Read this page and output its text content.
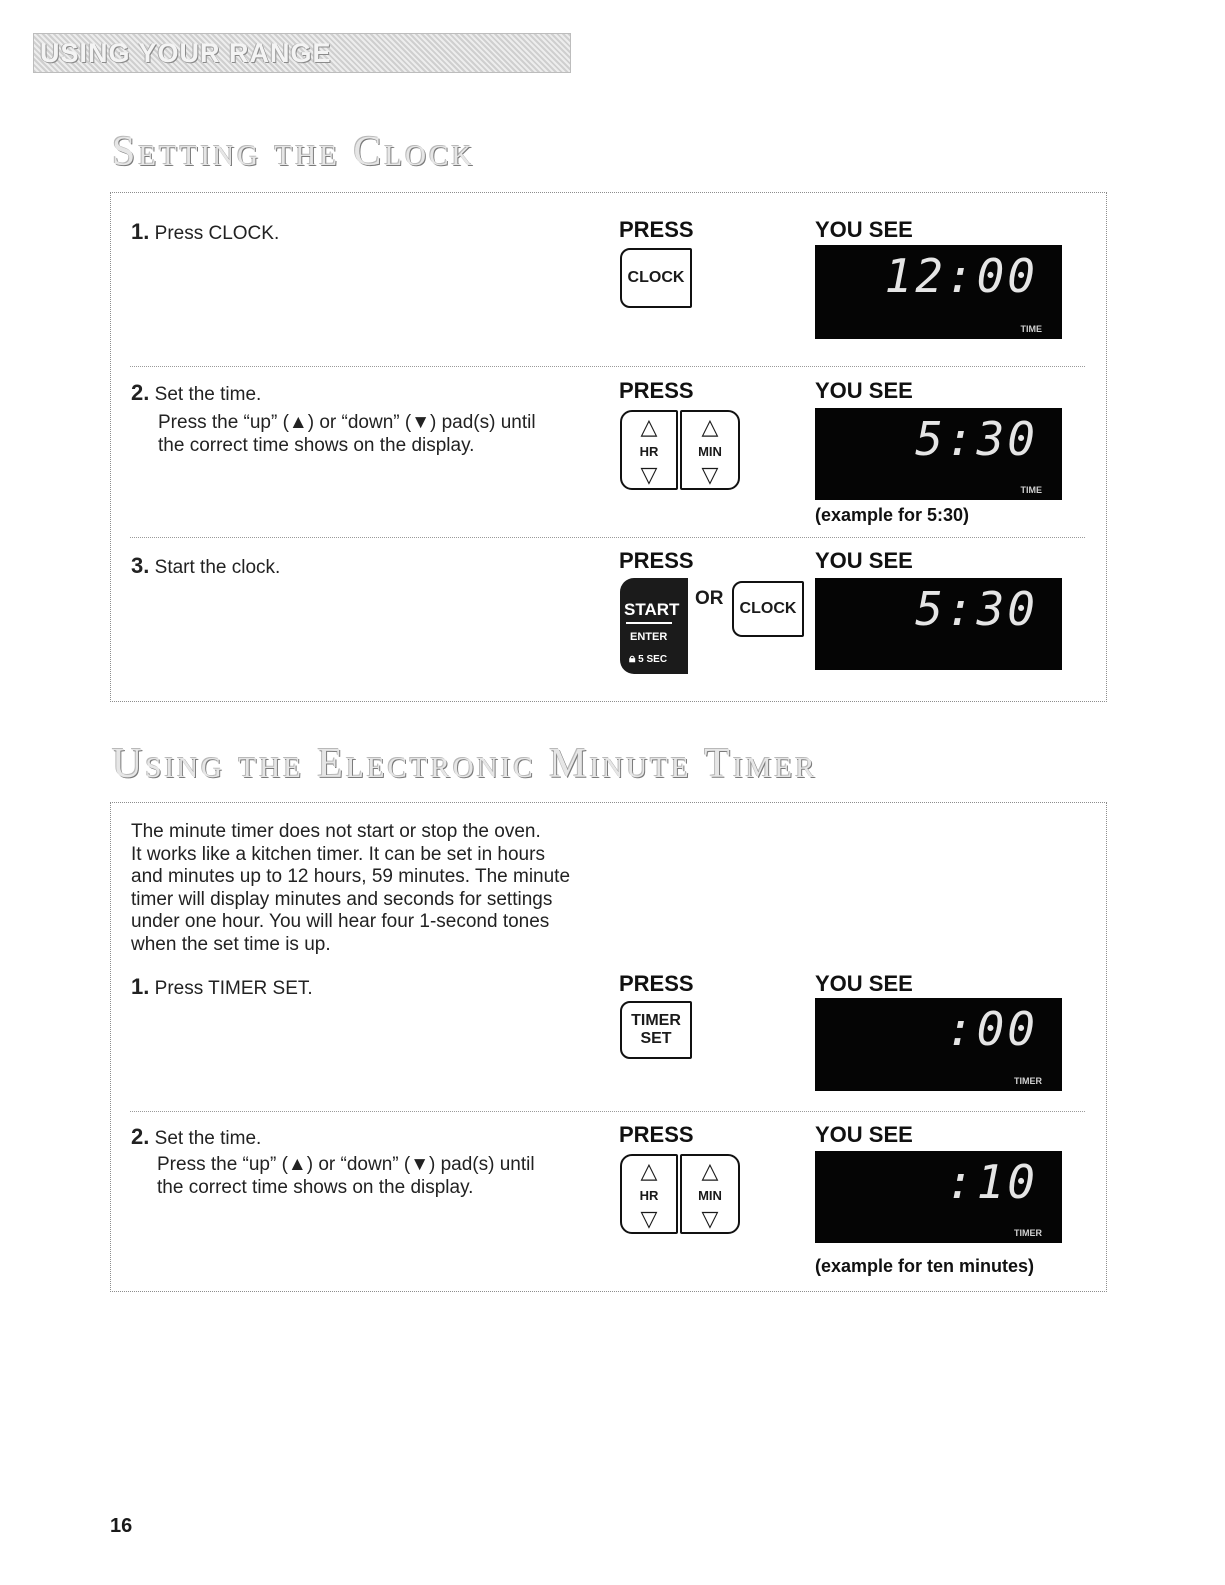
USING YOUR RANGE
Setting the Clock
1. Press CLOCK.	PRESS	YOU SEE
CLOCK	12:00
TIME
2. Set the time.
Press the “up” (▲) or “down” (▼) pad(s) until
the correct time shows on the display.
PRESS	YOU SEE
△
HR
▽
△
MIN
▽
5:30
TIME
(example for 5:30)
3. Start the clock.	PRESS	YOU SEE
START
ENTER
🔒︎ 5 SEC
OR	CLOCK	5:30
Using the Electronic Minute Timer
The minute timer does not start or stop the oven.
It works like a kitchen timer. It can be set in hours
and minutes up to 12 hours, 59 minutes. The minute
timer will display minutes and seconds for settings
under one hour. You will hear four 1-second tones
when the set time is up.
1. Press TIMER SET.	PRESS	YOU SEE
TIMER
SET	:00
TIMER
2. Set the time.
Press the “up” (▲) or “down” (▼) pad(s) until
the correct time shows on the display.
PRESS	YOU SEE
△
HR
▽
△
MIN
▽
:10
TIMER
(example for ten minutes)
16
